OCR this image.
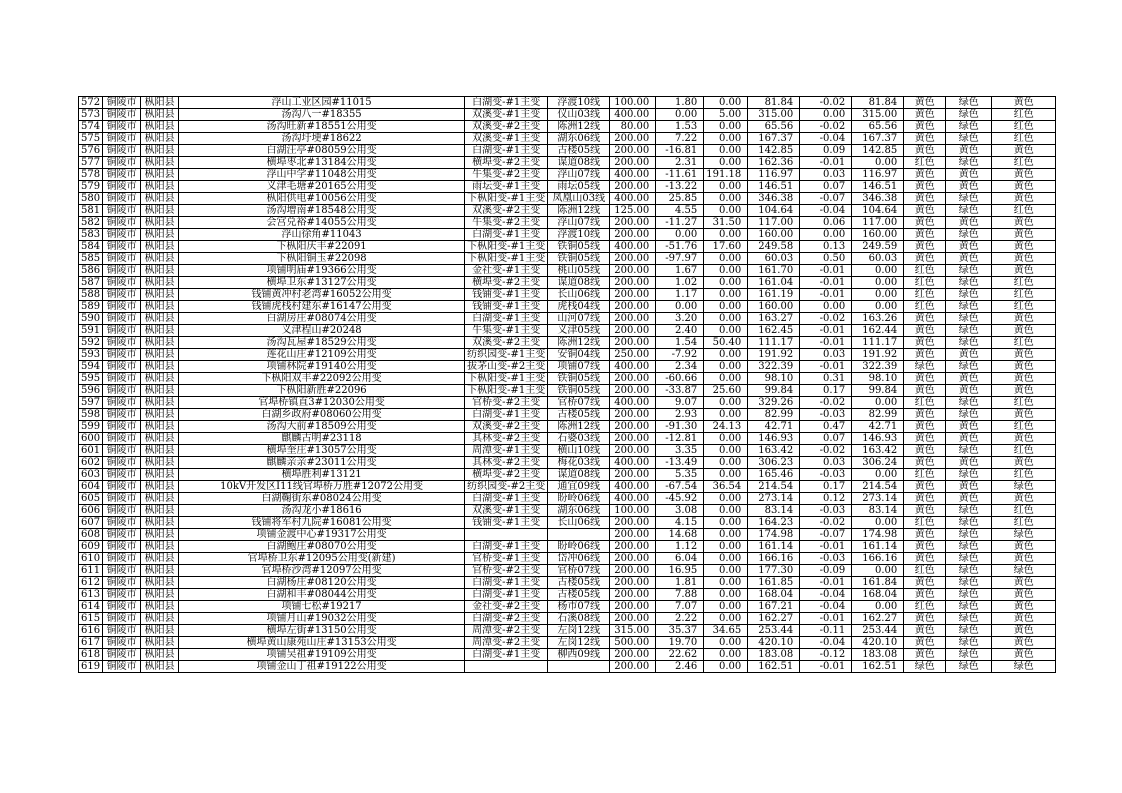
572	铜陵市	枞阳县	浮山工业区园#11015	白湖变-#1主变	浮渡10线	100.00	1.80	0.00	81.84	-0.02	81.84	黄色	绿色	黄色
573	铜陵市	枞阳县	汤沟八一#18355	双溪变-#1主变	仪山03线	400.00	0.00	5.00	315.00	0.00	315.00	黄色	绿色	红色
574	铜陵市	枞阳县	汤沟旺新#18551公用变	双溪变-#2主变	陈洲12线	80.00	1.53	0.00	65.56	-0.02	65.56	黄色	绿色	红色
575	铜陵市	枞阳县	汤沟圩埂#18622	双溪变-#1主变	湖东06线	200.00	7.22	0.00	167.37	-0.04	167.37	黄色	绿色	红色
576	铜陵市	枞阳县	白湖汪亭#08059公用变	白湖变-#1主变	古楼05线	200.00	-16.81	0.00	142.85	0.09	142.85	黄色	黄色	黄色
577	铜陵市	枞阳县	横埠枣北#13184公用变	横埠变-#2主变	谋道08线	200.00	2.31	0.00	162.36	-0.01	0.00	红色	绿色	红色
578	铜陵市	枞阳县	浮山中学#11048公用变	牛集变-#2主变	浮山07线	400.00	-11.61	191.18	116.97	0.03	116.97	黄色	黄色	黄色
579	铜陵市	枞阳县	义津毛塘#20165公用变	雨坛变-#1主变	雨坛05线	200.00	-13.22	0.00	146.51	0.07	146.51	黄色	黄色	黄色
580	铜陵市	枞阳县	枞阳供电#10056公用变	下枞阳变-#1主变	凤凰山03线	400.00	25.85	0.00	346.38	-0.07	346.38	黄色	绿色	黄色
581	铜陵市	枞阳县	汤沟增南#18548公用变	双溪变-#2主变	陈洲12线	125.00	4.55	0.00	104.64	-0.04	104.64	黄色	绿色	红色
582	铜陵市	枞阳县	会宫兑裕#14055公用变	牛集变-#2主变	浮山07线	200.00	-11.27	31.50	117.00	0.06	117.00	黄色	黄色	黄色
583	铜陵市	枞阳县	浮山徐角#11043	白湖变-#1主变	浮渡10线	200.00	0.00	0.00	160.00	0.00	160.00	黄色	绿色	黄色
584	铜陵市	枞阳县	下枞阳庆丰#22091	下枞阳变-#1主变	铁铜05线	400.00	-51.76	17.60	249.58	0.13	249.59	黄色	黄色	黄色
585	铜陵市	枞阳县	下枞阳铜玉#22098	下枞阳变-#1主变	铁铜05线	200.00	-97.97	0.00	60.03	0.50	60.03	黄色	黄色	黄色
586	铜陵市	枞阳县	项铺明庙#19366公用变	金社变-#1主变	桃山05线	200.00	1.67	0.00	161.70	-0.01	0.00	红色	绿色	黄色
587	铜陵市	枞阳县	横埠卫东#13127公用变	横埠变-#2主变	谋道08线	200.00	1.02	0.00	161.04	-0.01	0.00	红色	绿色	红色
588	铜陵市	枞阳县	钱铺黄冲村老湾#16052公用变	钱铺变-#1主变	长山06线	200.00	1.17	0.00	161.19	-0.01	0.00	红色	绿色	红色
589	铜陵市	枞阳县	钱铺虎栈村建东#16147公用变	钱铺变-#1主变	虎栈04线	200.00	0.00	0.00	160.00	0.00	0.00	红色	绿色	红色
590	铜陵市	枞阳县	白湖房庄#08074公用变	白湖变-#1主变	山河07线	200.00	3.20	0.00	163.27	-0.02	163.26	黄色	绿色	黄色
591	铜陵市	枞阳县	义津程山#20248	牛集变-#1主变	义津05线	200.00	2.40	0.00	162.45	-0.01	162.44	黄色	绿色	黄色
592	铜陵市	枞阳县	汤沟瓦屋#18529公用变	双溪变-#2主变	陈洲12线	200.00	1.54	50.40	111.17	-0.01	111.17	黄色	绿色	红色
593	铜陵市	枞阳县	莲花山庄#12109公用变	纺织园变-#1主变	安铜04线	250.00	-7.92	0.00	191.92	0.03	191.92	黄色	黄色	黄色
594	铜陵市	枞阳县	项铺林院#19140公用变	拔茅山变-#2主变	项铺07线	400.00	2.34	0.00	322.39	-0.01	322.39	绿色	绿色	黄色
595	铜陵市	枞阳县	下枞阳双丰#22092公用变	下枞阳变-#1主变	铁铜05线	200.00	-60.66	0.00	98.10	0.31	98.10	黄色	黄色	黄色
596	铜陵市	枞阳县	下枞阳新胜#22096	下枞阳变-#1主变	铁铜05线	200.00	-33.87	25.60	99.84	0.17	99.84	黄色	黄色	黄色
597	铜陵市	枞阳县	官埠桥镇直3#12030公用变	官桥变-#2主变	官桥07线	400.00	9.07	0.00	329.26	-0.02	0.00	红色	绿色	红色
598	铜陵市	枞阳县	白湖乡政府#08060公用变	白湖变-#1主变	古楼05线	200.00	2.93	0.00	82.99	-0.03	82.99	黄色	绿色	黄色
599	铜陵市	枞阳县	汤沟大前#18509公用变	双溪变-#2主变	陈洲12线	200.00	-91.30	24.13	42.71	0.47	42.71	黄色	黄色	红色
600	铜陵市	枞阳县	麒麟古明#23118	其林变-#2主变	石婆03线	200.00	-12.81	0.00	146.93	0.07	146.93	黄色	黄色	黄色
601	铜陵市	枞阳县	横埠奎庄#13057公用变	周潭变-#1主变	横山10线	200.00	3.35	0.00	163.42	-0.02	163.42	黄色	绿色	红色
602	铜陵市	枞阳县	麒麟亲亲#23011公用变	其林变-#2主变	梅花03线	400.00	-13.49	0.00	306.23	0.03	306.24	黄色	黄色	黄色
603	铜陵市	枞阳县	横埠胜利#13121	横埠变-#2主变	谋道08线	200.00	5.35	0.00	165.46	-0.03	0.00	红色	绿色	红色
604	铜陵市	枞阳县	10kV开发区I11线官埠桥万胜#12072公用变	纺织园变-#2主变	通宜09线	400.00	-67.54	36.54	214.54	0.17	214.54	黄色	黄色	绿色
605	铜陵市	枞阳县	白湖鞠街东#08024公用变	白湖变-#1主变	盼岭06线	400.00	-45.92	0.00	273.14	0.12	273.14	黄色	黄色	黄色
606	铜陵市	枞阳县	汤沟龙小#18616	双溪变-#1主变	湖东06线	100.00	3.08	0.00	83.14	-0.03	83.14	黄色	绿色	红色
607	铜陵市	枞阳县	钱铺将军村九院#16081公用变	钱铺变-#1主变	长山06线	200.00	4.15	0.00	164.23	-0.02	0.00	红色	绿色	红色
608	铜陵市	枞阳县	项铺金渡中心#19317公用变			200.00	14.68	0.00	174.98	-0.07	174.98	黄色	绿色	绿色
609	铜陵市	枞阳县	白湖鲍庄#08070公用变	白湖变-#1主变	盼岭06线	200.00	1.12	0.00	161.14	-0.01	161.14	黄色	绿色	黄色
610	铜陵市	枞阳县	官埠桥卫东#12095公用变(新建)	官桥变-#1主变	岱冲06线	200.00	6.04	0.00	166.16	-0.03	166.16	黄色	绿色	黄色
611	铜陵市	枞阳县	官埠桥沙湾#12097公用变	官桥变-#2主变	官桥07线	200.00	16.95	0.00	177.30	-0.09	0.00	红色	绿色	绿色
612	铜陵市	枞阳县	白湖杨庄#08120公用变	白湖变-#1主变	古楼05线	200.00	1.81	0.00	161.85	-0.01	161.84	黄色	绿色	黄色
613	铜陵市	枞阳县	白湖和丰#08044公用变	白湖变-#1主变	古楼05线	200.00	7.88	0.00	168.04	-0.04	168.04	黄色	绿色	黄色
614	铜陵市	枞阳县	项铺七松#19217	金社变-#2主变	杨市07线	200.00	7.07	0.00	167.21	-0.04	0.00	红色	绿色	黄色
615	铜陵市	枞阳县	项铺月山#19032公用变	白湖变-#2主变	石溪08线	200.00	2.22	0.00	162.27	-0.01	162.27	黄色	绿色	黄色
616	铜陵市	枞阳县	横埠左街#13150公用变	周潭变-#2主变	左岗12线	315.00	35.37	34.65	253.44	-0.11	253.44	黄色	绿色	黄色
617	铜陵市	枞阳县	横埠黄山康苑山庄#13153公用变	周潭变-#2主变	左岗12线	500.00	19.70	0.00	420.10	-0.04	420.10	黄色	绿色	黄色
618	铜陵市	枞阳县	项铺吴祖#19109公用变	白湖变-#1主变	柳西09线	200.00	22.62	0.00	183.08	-0.12	183.08	黄色	绿色	黄色
619	铜陵市	枞阳县	项铺金山丁祖#19122公用变			200.00	2.46	0.00	162.51	-0.01	162.51	绿色	绿色	绿色
